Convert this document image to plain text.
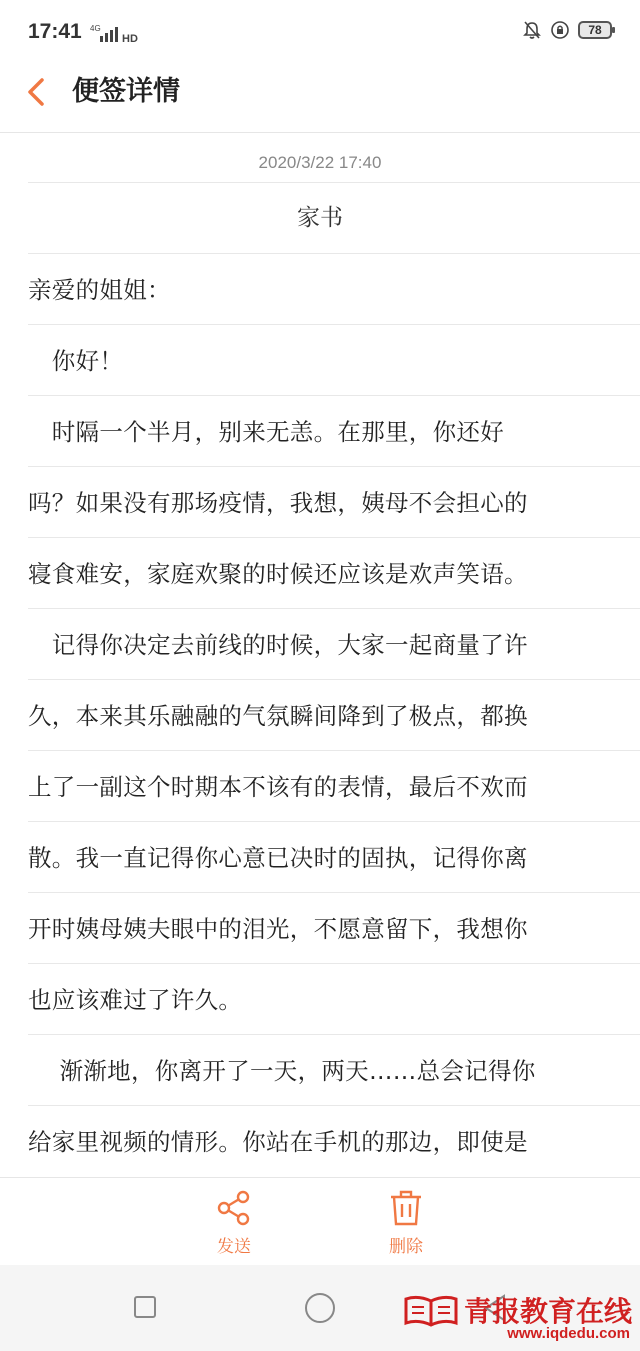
17:41 4G
HD
78
便签详情
2020/3/22 17:40
家书
亲爱的姐姐：
　你好！
　时隔一个半月，别来无恙。在那里，你还好
吗？如果没有那场疫情，我想，姨母不会担心的
寝食难安，家庭欢聚的时候还应该是欢声笑语。
　记得你决定去前线的时候，大家一起商量了许
久，本来其乐融融的气氛瞬间降到了极点，都换
上了一副这个时期本不该有的表情，最后不欢而
散。我一直记得你心意已决时的固执，记得你离
开时姨母姨夫眼中的泪光，不愿意留下，我想你
也应该难过了许久。
　 渐渐地，你离开了一天，两天……总会记得你
给家里视频的情形。你站在手机的那边，即使是
发送	删除
青报教育在线
www.iqdedu.com
